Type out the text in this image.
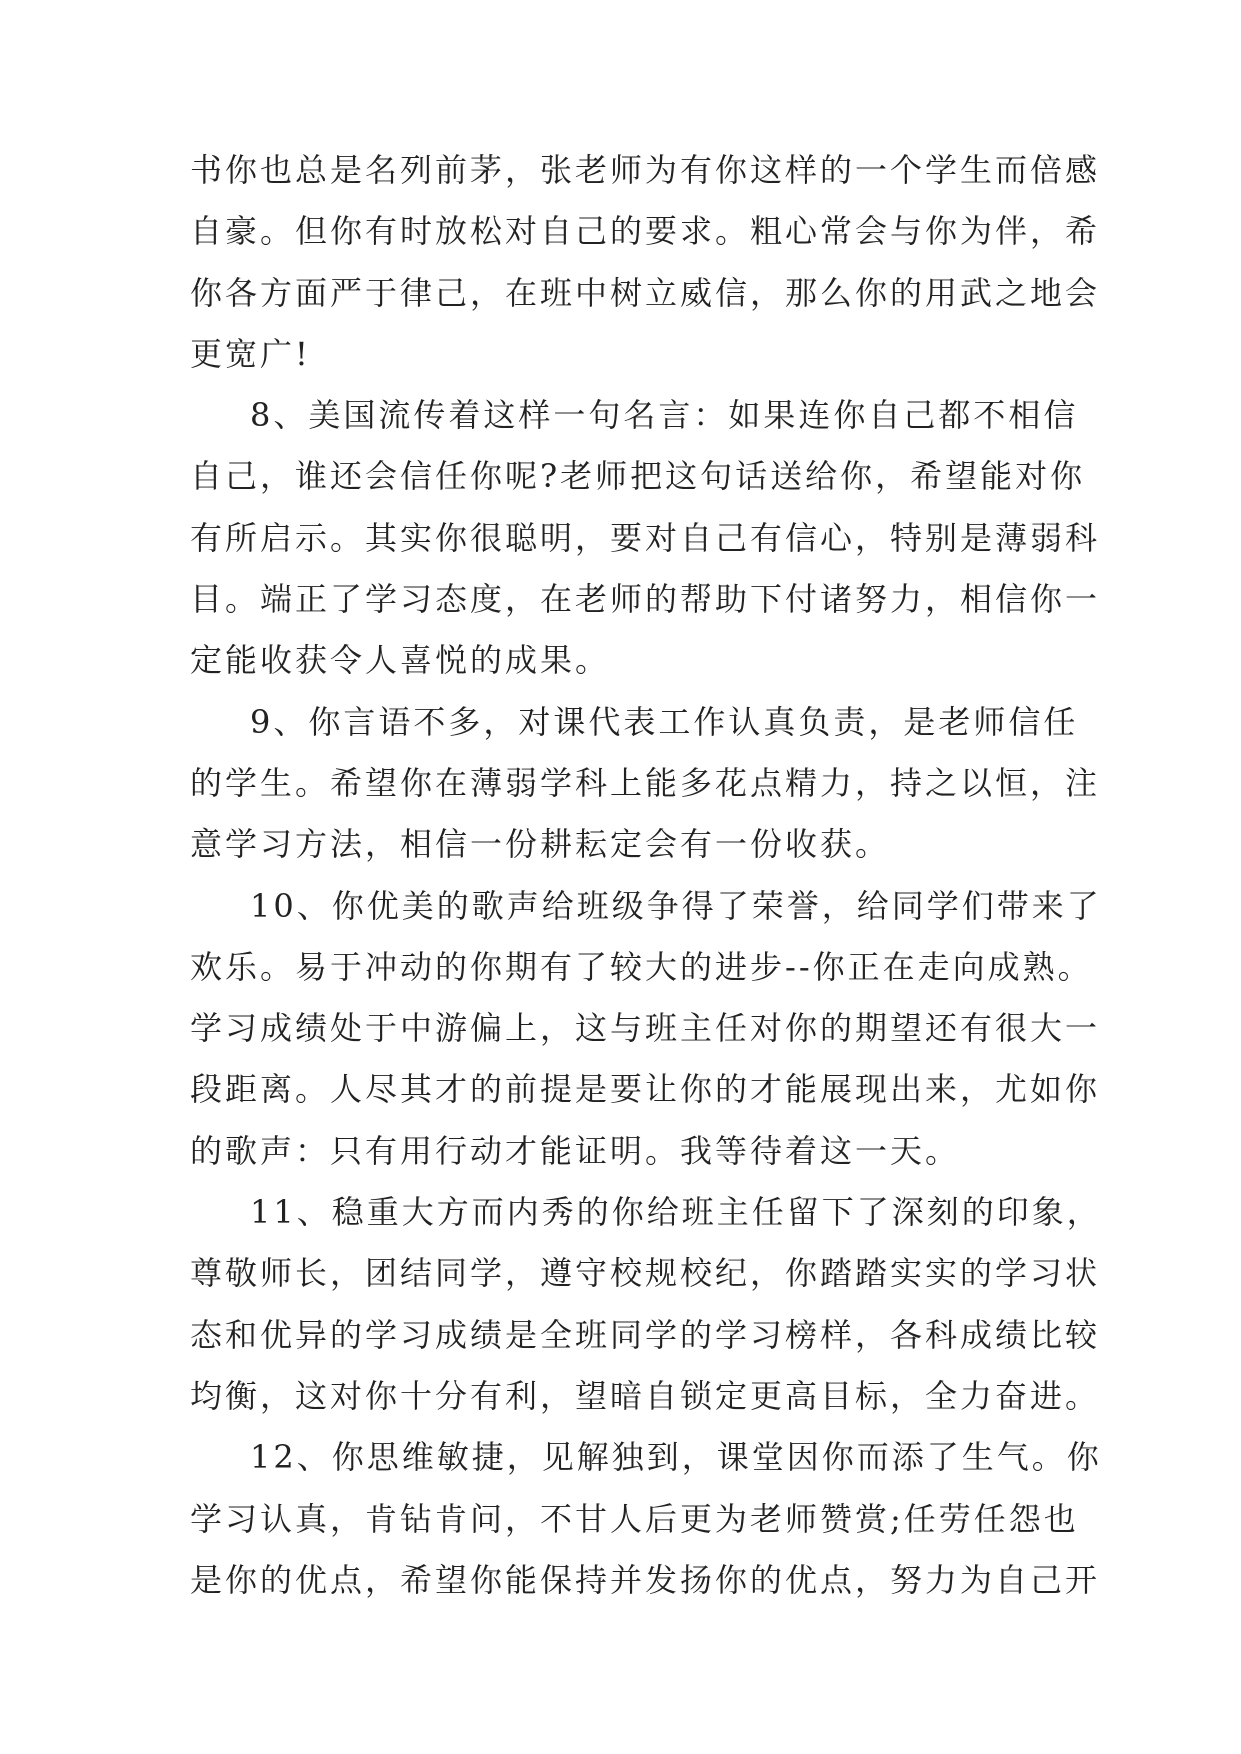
书你也总是名列前茅，张老师为有你这样的一个学生而倍感
自豪。但你有时放松对自己的要求。粗心常会与你为伴，希
你各方面严于律己，在班中树立威信，那么你的用武之地会
更宽广!
8、美国流传着这样一句名言：如果连你自己都不相信
自己，谁还会信任你呢?老师把这句话送给你，希望能对你
有所启示。其实你很聪明，要对自己有信心，特别是薄弱科
目。端正了学习态度，在老师的帮助下付诸努力，相信你一
定能收获令人喜悦的成果。
9、你言语不多，对课代表工作认真负责，是老师信任
的学生。希望你在薄弱学科上能多花点精力，持之以恒，注
意学习方法，相信一份耕耘定会有一份收获。
10、你优美的歌声给班级争得了荣誉，给同学们带来了
欢乐。易于冲动的你期有了较大的进步--你正在走向成熟。
学习成绩处于中游偏上，这与班主任对你的期望还有很大一
段距离。人尽其才的前提是要让你的才能展现出来，尤如你
的歌声：只有用行动才能证明。我等待着这一天。
11、稳重大方而内秀的你给班主任留下了深刻的印象，
尊敬师长，团结同学，遵守校规校纪，你踏踏实实的学习状
态和优异的学习成绩是全班同学的学习榜样，各科成绩比较
均衡，这对你十分有利，望暗自锁定更高目标，全力奋进。
12、你思维敏捷，见解独到，课堂因你而添了生气。你
学习认真，肯钻肯问，不甘人后更为老师赞赏;任劳任怨也
是你的优点，希望你能保持并发扬你的优点，努力为自己开
